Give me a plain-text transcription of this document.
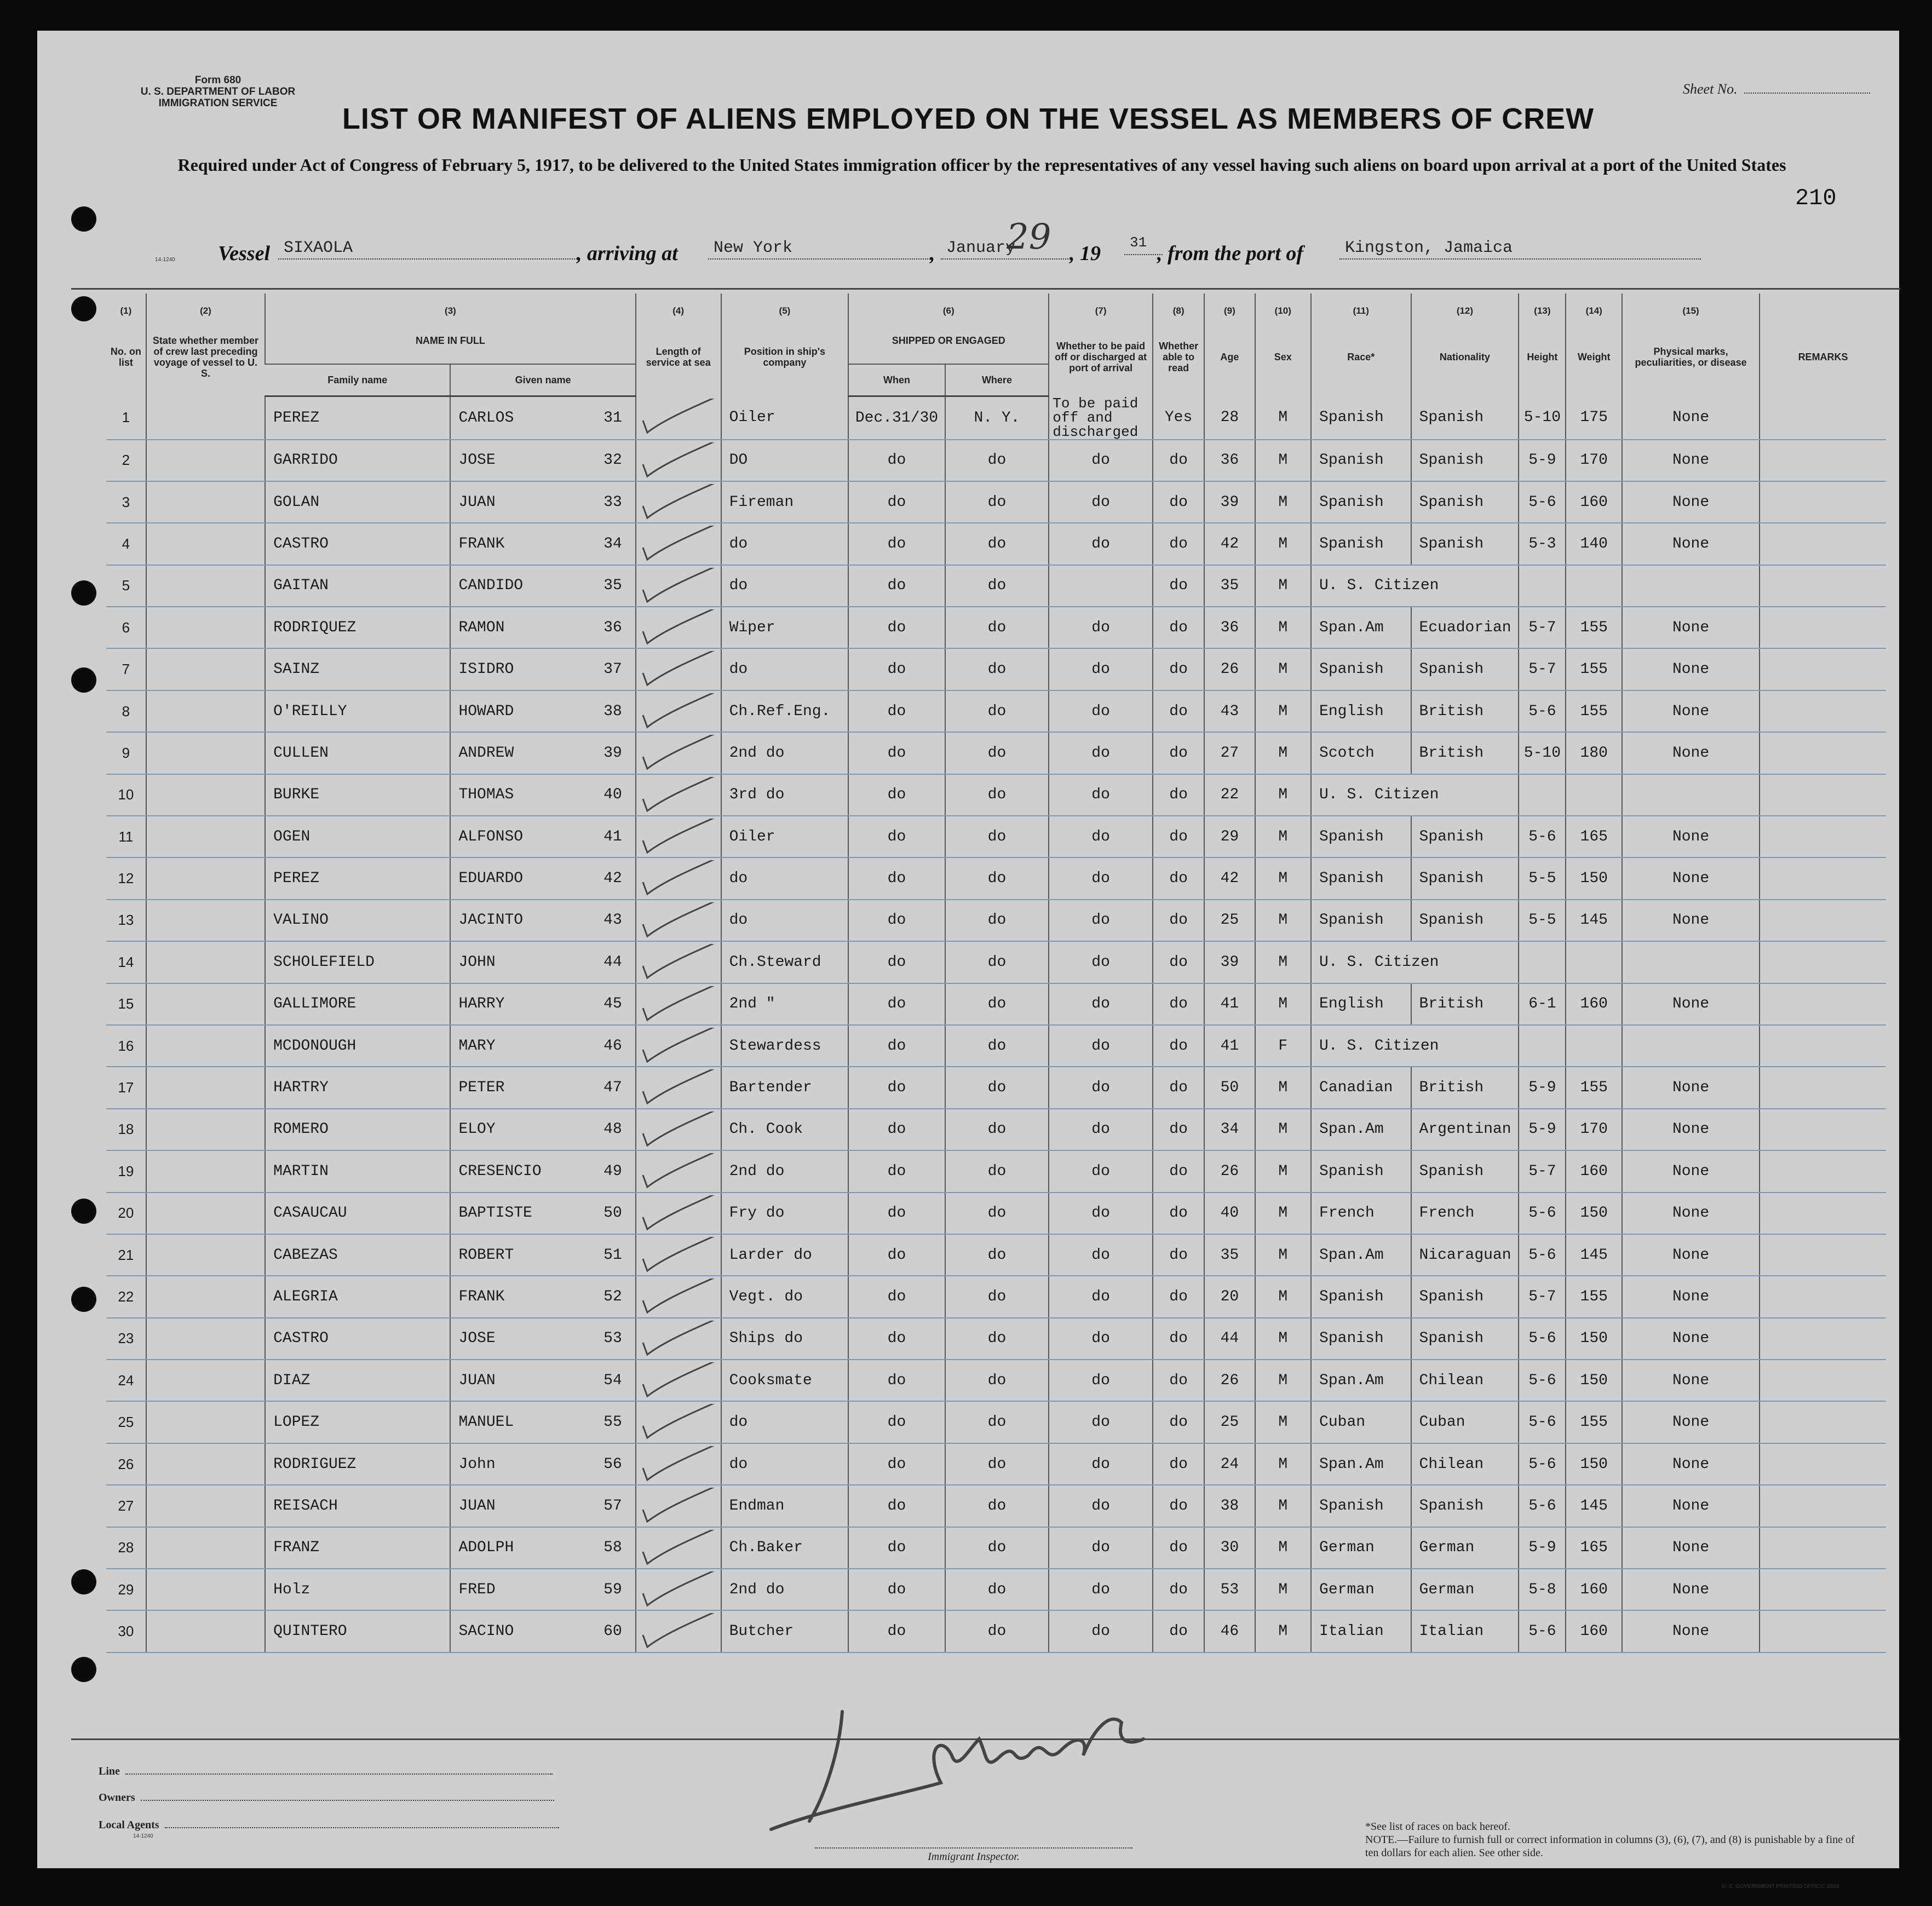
Form 680
U. S. DEPARTMENT OF LABOR
IMMIGRATION SERVICE
14-1240
Sheet No.
LIST OR MANIFEST OF ALIENS EMPLOYED ON THE VESSEL AS MEMBERS OF CREW
Required under Act of Congress of February 5, 1917, to be delivered to the United States immigration officer by the representatives of any vessel having such aliens on board upon arrival at a port of the United States
210
Vessel SIXAOLA	, arriving at	New York	, January
29 , 19	31 , from the port of	Kingston, Jamaica
(1)	(2)	(3)		(4)	(5)	(6)		(7)	(8)	(9)	(10)	(11)	(12)	(13)	(14)	(15)	
No. on list	State whether member of crew last preceding voyage of vessel to U. S.	NAME IN FULL		Length of service at sea	Position in ship's company	SHIPPED OR ENGAGED		Whether to be paid off or discharged at port of arrival	Whether able to read	Age	Sex	Race*	Nationality	Height	Weight	Physical marks, peculiarities, or disease	REMARKS
		Family name	Given name			When	Where										
1		PEREZ	CARLOS 31		Oiler	Dec.31/30	N. Y.	To be paid off and discharged	Yes	28	M	Spanish	Spanish	5-10	175	None	
2		GARRIDO	JOSE 32		DO	do	do	do	do	36	M	Spanish	Spanish	5-9	170	None	
3		GOLAN	JUAN 33		Fireman	do	do	do	do	39	M	Spanish	Spanish	5-6	160	None	
4		CASTRO	FRANK 34		do	do	do	do	do	42	M	Spanish	Spanish	5-3	140	None	
5		GAITAN	CANDIDO 35		do	do	do		do	35	M	U. S. Citizen					
6		RODRIQUEZ	RAMON 36		Wiper	do	do	do	do	36	M	Span.Am	Ecuadorian	5-7	155	None	
7		SAINZ	ISIDRO 37		do	do	do	do	do	26	M	Spanish	Spanish	5-7	155	None	
8		O'REILLY	HOWARD 38		Ch.Ref.Eng.	do	do	do	do	43	M	English	British	5-6	155	None	
9		CULLEN	ANDREW 39		2nd do	do	do	do	do	27	M	Scotch	British	5-10	180	None	
10		BURKE	THOMAS 40		3rd do	do	do	do	do	22	M	U. S. Citizen					
11		OGEN	ALFONSO 41		Oiler	do	do	do	do	29	M	Spanish	Spanish	5-6	165	None	
12		PEREZ	EDUARDO 42		do	do	do	do	do	42	M	Spanish	Spanish	5-5	150	None	
13		VALINO	JACINTO 43		do	do	do	do	do	25	M	Spanish	Spanish	5-5	145	None	
14		SCHOLEFIELD	JOHN 44		Ch.Steward	do	do	do	do	39	M	U. S. Citizen					
15		GALLIMORE	HARRY 45		2nd "	do	do	do	do	41	M	English	British	6-1	160	None	
16		MCDONOUGH	MARY 46		Stewardess	do	do	do	do	41	F	U. S. Citizen					
17		HARTRY	PETER 47		Bartender	do	do	do	do	50	M	Canadian	British	5-9	155	None	
18		ROMERO	ELOY 48		Ch. Cook	do	do	do	do	34	M	Span.Am	Argentinan	5-9	170	None	
19		MARTIN	CRESENCIO 49		2nd do	do	do	do	do	26	M	Spanish	Spanish	5-7	160	None	
20		CASAUCAU	BAPTISTE 50		Fry do	do	do	do	do	40	M	French	French	5-6	150	None	
21		CABEZAS	ROBERT 51		Larder do	do	do	do	do	35	M	Span.Am	Nicaraguan	5-6	145	None	
22		ALEGRIA	FRANK 52		Vegt. do	do	do	do	do	20	M	Spanish	Spanish	5-7	155	None	
23		CASTRO	JOSE 53		Ships do	do	do	do	do	44	M	Spanish	Spanish	5-6	150	None	
24		DIAZ	JUAN 54		Cooksmate	do	do	do	do	26	M	Span.Am	Chilean	5-6	150	None	
25		LOPEZ	MANUEL 55		do	do	do	do	do	25	M	Cuban	Cuban	5-6	155	None	
26		RODRIGUEZ	John 56		do	do	do	do	do	24	M	Span.Am	Chilean	5-6	150	None	
27		REISACH	JUAN 57		Endman	do	do	do	do	38	M	Spanish	Spanish	5-6	145	None	
28		FRANZ	ADOLPH 58		Ch.Baker	do	do	do	do	30	M	German	German	5-9	165	None	
29		Holz	FRED 59		2nd do	do	do	do	do	53	M	German	German	5-8	160	None	
30		QUINTERO	SACINO 60		Butcher	do	do	do	do	46	M	Italian	Italian	5-6	160	None	
Line
Owners
Local Agents
14-1240
Immigrant Inspector.
*See list of races on back hereof.
NOTE.—Failure to furnish full or correct information in columns (3), (6), (7), and (8) is punishable by a fine of ten dollars for each alien. See other side.
U. S. GOVERNMENT PRINTING OFFICE: 1924
